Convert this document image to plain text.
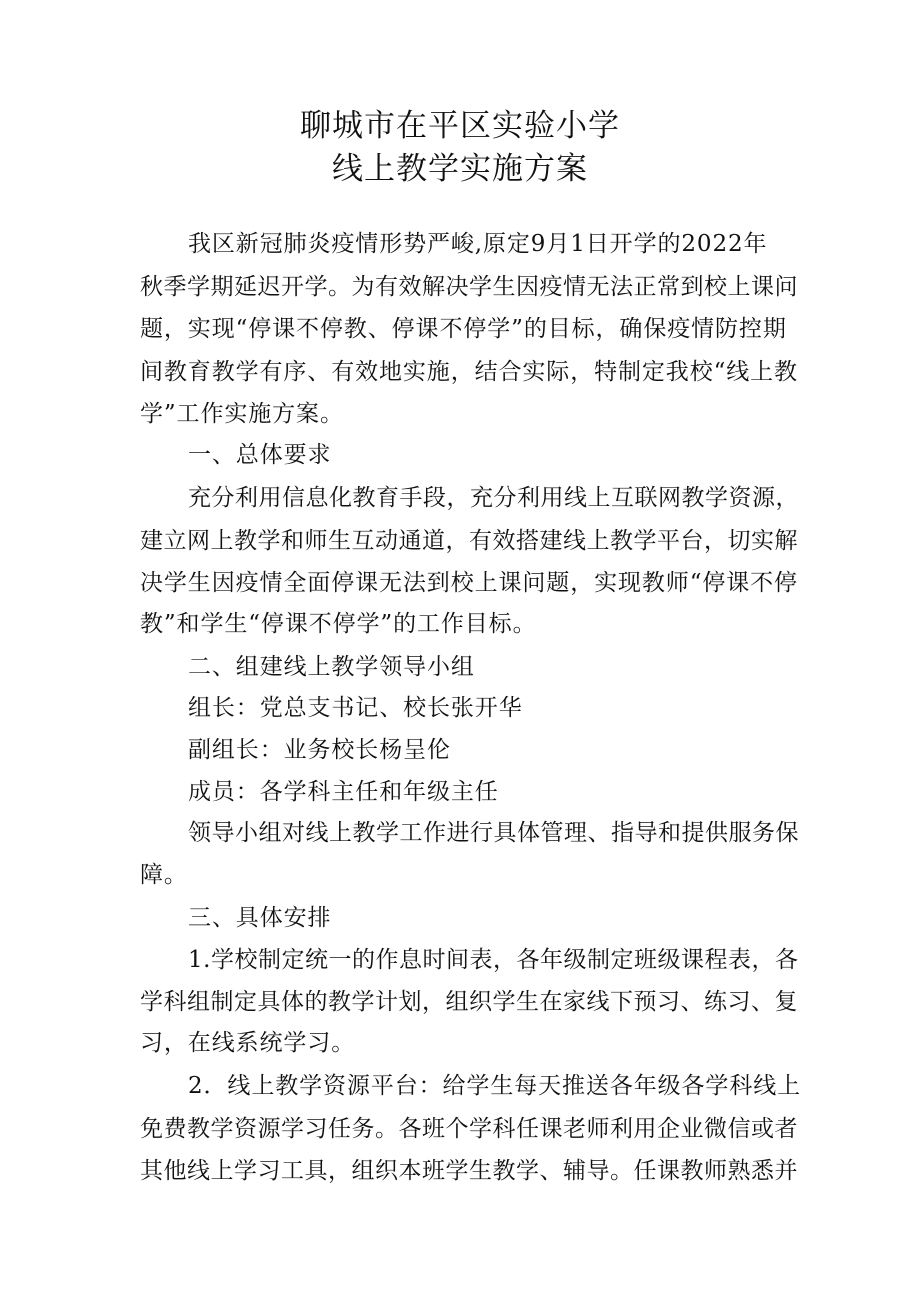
聊城市在平区实验小学
线上教学实施方案
我区新冠肺炎疫情形势严峻,原定9月1日开学的2022年
秋季学期延迟开学。为有效解决学生因疫情无法正常到校上课问
题，实现“停课不停教、停课不停学”的目标，确保疫情防控期
间教育教学有序、有效地实施，结合实际，特制定我校“线上教
学”工作实施方案。
一、总体要求
充分利用信息化教育手段，充分利用线上互联网教学资源，
建立网上教学和师生互动通道，有效搭建线上教学平台，切实解
决学生因疫情全面停课无法到校上课问题，实现教师“停课不停
教”和学生“停课不停学”的工作目标。
二、组建线上教学领导小组
组长：党总支书记、校长张开华
副组长：业务校长杨呈伦
成员：各学科主任和年级主任
领导小组对线上教学工作进行具体管理、指导和提供服务保
障。
三、具体安排
1.学校制定统一的作息时间表，各年级制定班级课程表，各
学科组制定具体的教学计划，组织学生在家线下预习、练习、复
习，在线系统学习。
2．线上教学资源平台：给学生每天推送各年级各学科线上
免费教学资源学习任务。各班个学科任课老师利用企业微信或者
其他线上学习工具，组织本班学生教学、辅导。任课教师熟悉并
